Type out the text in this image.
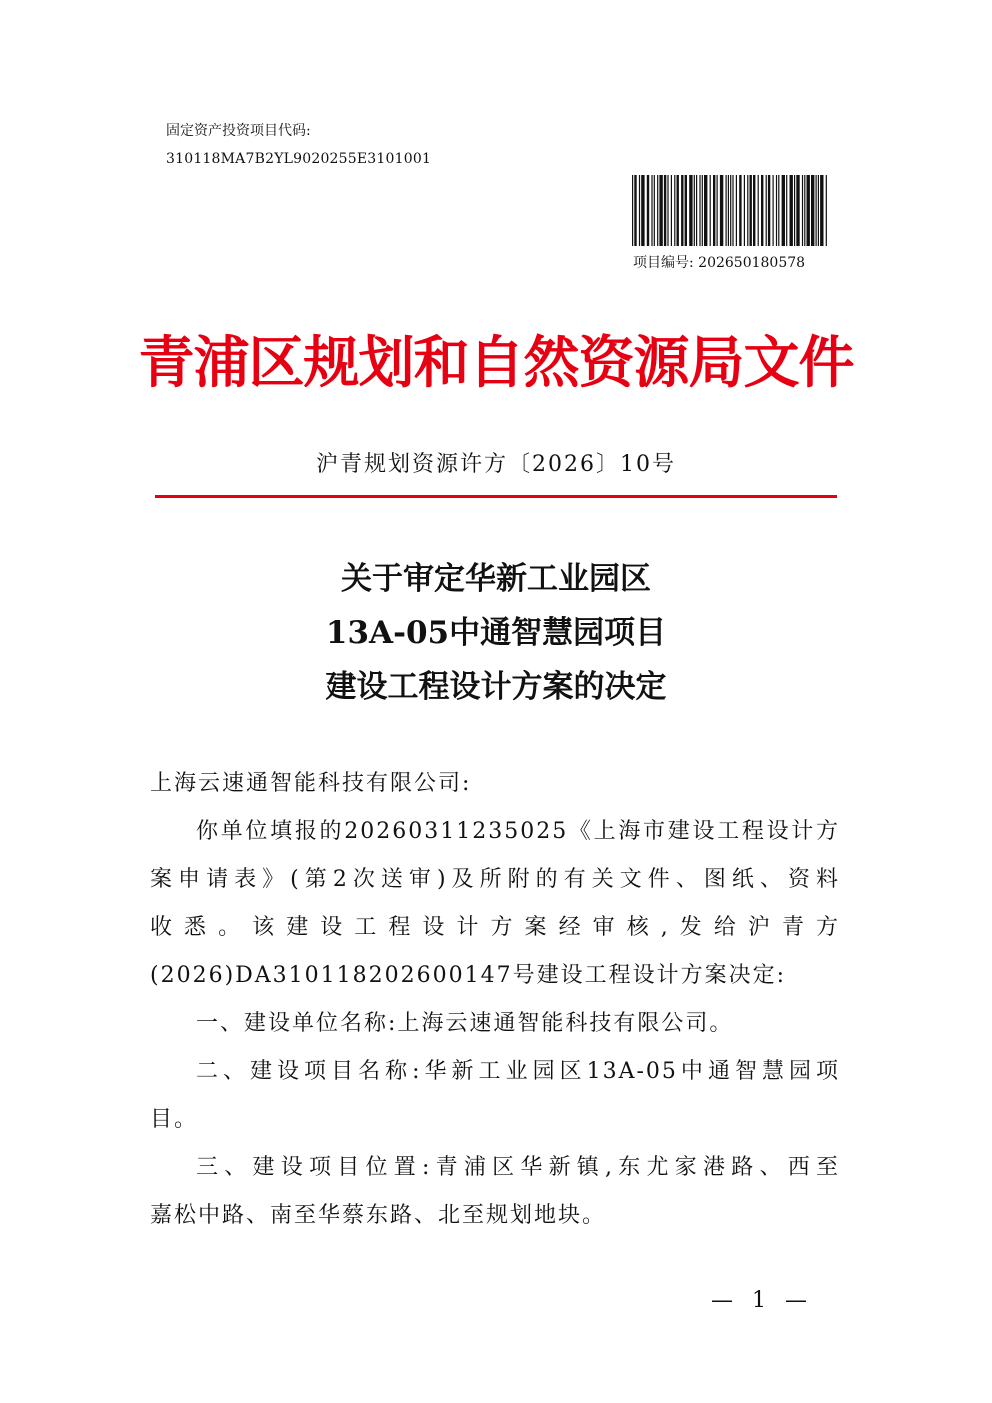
固定资产投资项目代码:
310118MA7B2YL9020255E3101001
项目编号: 202650180578
青浦区规划和自然资源局文件
沪青规划资源许方〔2026〕10号
关于审定华新工业园区
13A-05中通智慧园项目
建设工程设计方案的决定
上海云速通智能科技有限公司:
你单位填报的20260311235025《上海市建设工程设计方
案申请表》(第2次送审)及所附的有关文件、图纸、资料
收悉。该建设工程设计方案经审核,发给沪青方
(2026)DA310118202600147号建设工程设计方案决定:
一、建设单位名称:上海云速通智能科技有限公司。
二、建设项目名称:华新工业园区13A-05中通智慧园项
目。
三、建设项目位置:青浦区华新镇,东尤家港路、西至
嘉松中路、南至华蔡东路、北至规划地块。
— 1 —
